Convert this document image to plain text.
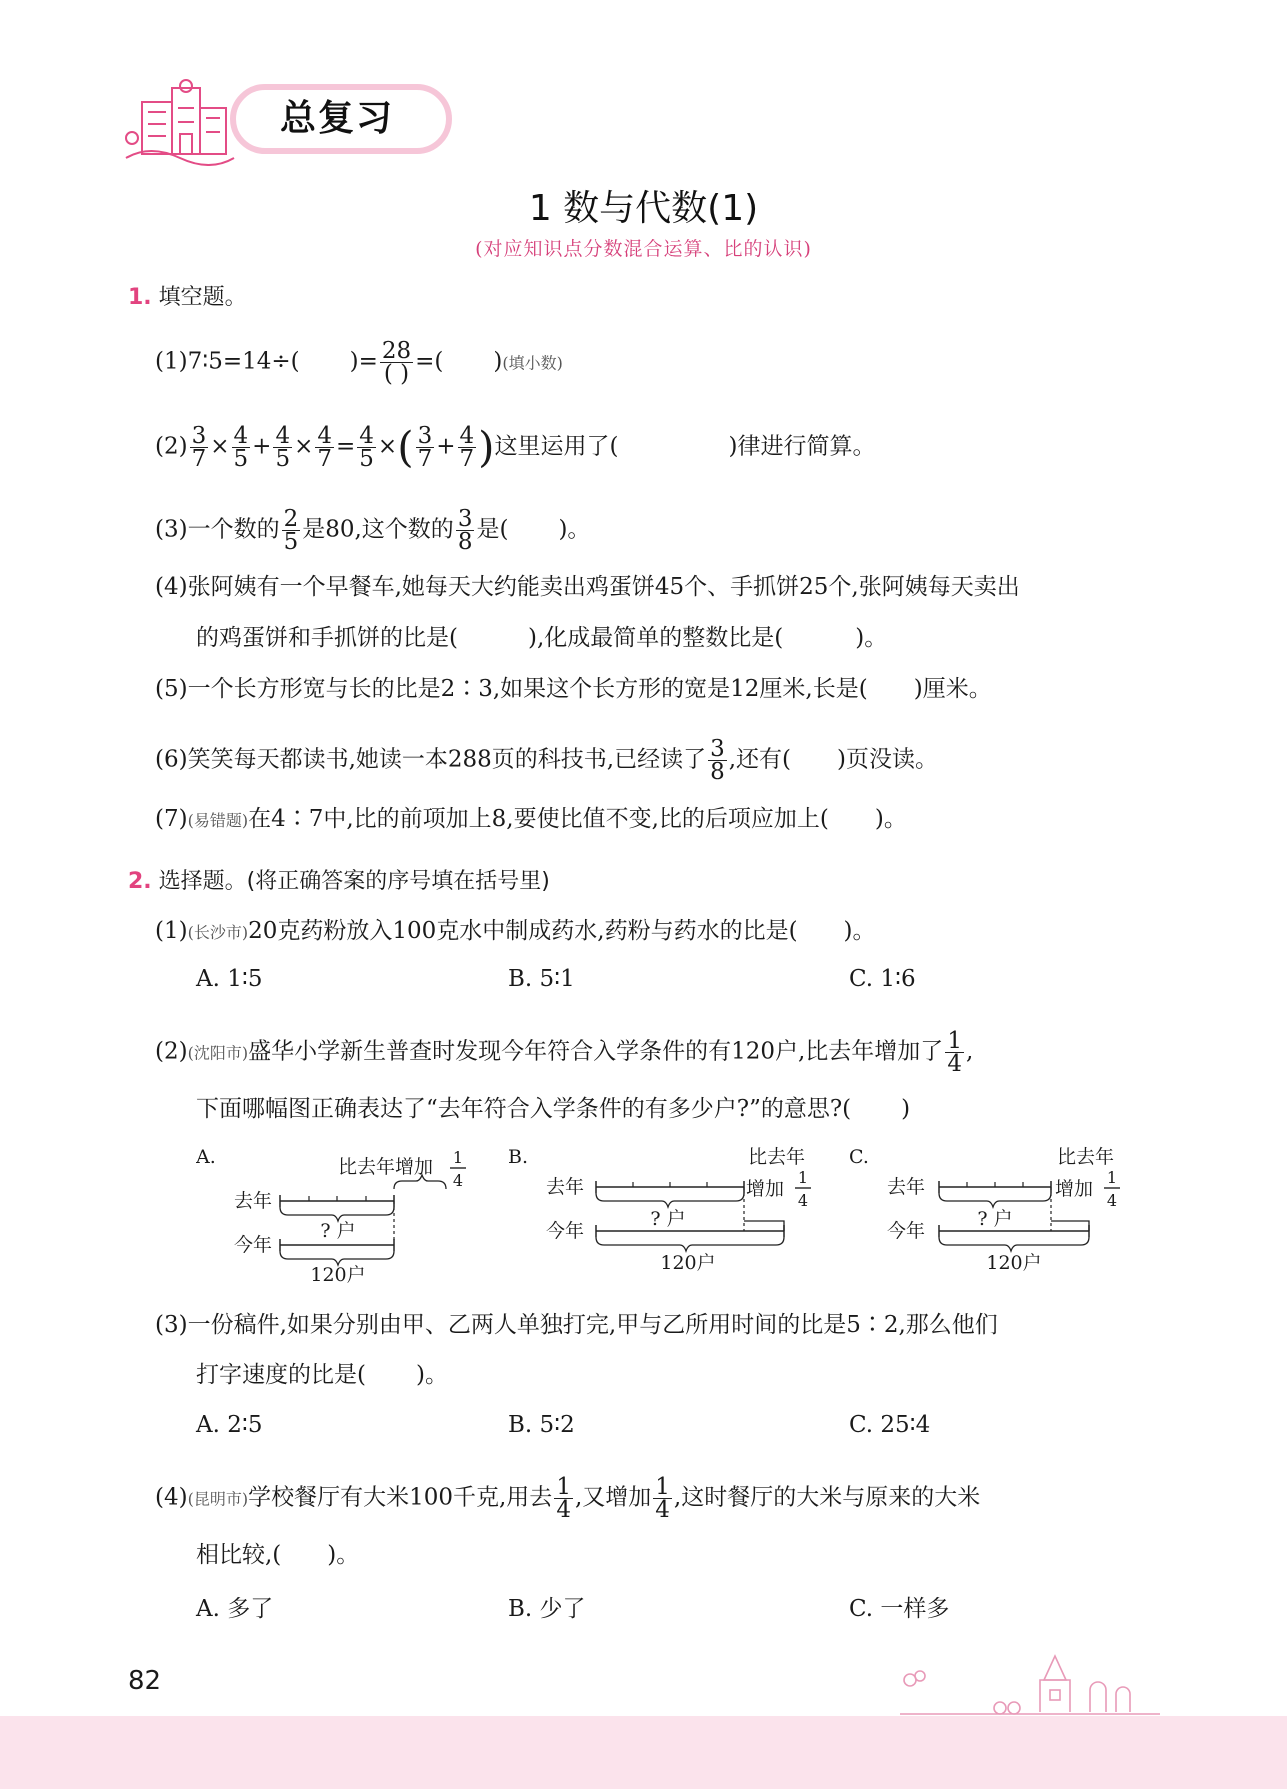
总复习
1 数与代数(1)
(对应知识点分数混合运算、比的认识)
1. 填空题。
(1)7∶5=14÷( )= $\frac{28}{( )}$ =( )(填小数)
$(2) \frac{3}{7} \times \frac{4}{5} + \frac{4}{5} \times \frac{4}{7} = \frac{4}{5}$ ×( $\frac{3}{7} + \frac{4}{7}$ )这里运用了(	)律进行简算。
(3)一个数的 $\frac{2}{5}$ 是80,这个数的 $\frac{3}{8}$ 是( )。
(4)张阿姨有一个早餐车,她每天大约能卖出鸡蛋饼45个、手抓饼25个,张阿姨每天卖出
的鸡蛋饼和手抓饼的比是(	),化成最简单的整数比是(	)。
(5)一个长方形宽与长的比是2∶3,如果这个长方形的宽是12厘米,长是( )厘米。
(6)笑笑每天都读书,她读一本288页的科技书,已经读了 $\frac{3}{8}$ ,还有( )页没读。
(7)(易错题)在4∶7中,比的前项加上8,要使比值不变,比的后项应加上( )。
2. 选择题。(将正确答案的序号填在括号里)
(1)(长沙市)20克药粉放入100克水中制成药水,药粉与药水的比是( )。
A. 1∶5	B. 5∶1	C. 1∶6
(2)(沈阳市)盛华小学新生普查时发现今年符合入学条件的有120户,比去年增加了 $\frac{1}{4}$ ,
下面哪幅图正确表达了“去年符合入学条件的有多少户?”的意思?( )
A.	比去年增加 1
4
去年
? 户
今年
120户
B.	比去年
增加
1
4
去年
? 户
今年
120户
C.	比去年
增加
1
4
去年
? 户
今年
120户
(3)一份稿件,如果分别由甲、乙两人单独打完,甲与乙所用时间的比是5∶2,那么他们
打字速度的比是( )。
A. 2∶5	B. 5∶2	C. 25∶4
(4)(昆明市)学校餐厅有大米100千克,用去 $\frac{1}{4}$ ,又增加 $\frac{1}{4}$ ,这时餐厅的大米与原来的大米
相比较,( )。
A. 多了	B. 少了	C. 一样多
82
